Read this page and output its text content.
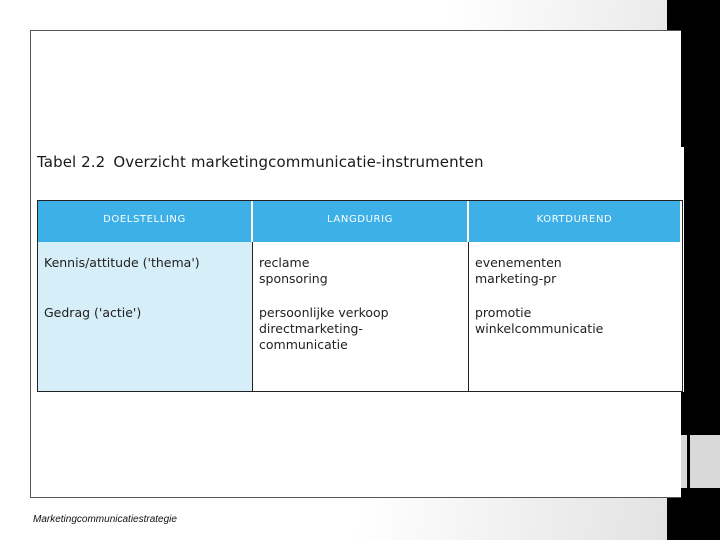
Tabel 2.2 Overzicht marketingcommunicatie-instrumenten
DOELSTELLING	LANGDURIG	KORTDUREND
Kennis/attitude ('thema')

Gedrag ('actie')
reclame
sponsoring
persoonlijke verkoop
directmarketing-
communicatie
evenementen
marketing-pr
promotie
winkelcommunicatie
Marketingcommunicatiestrategie
